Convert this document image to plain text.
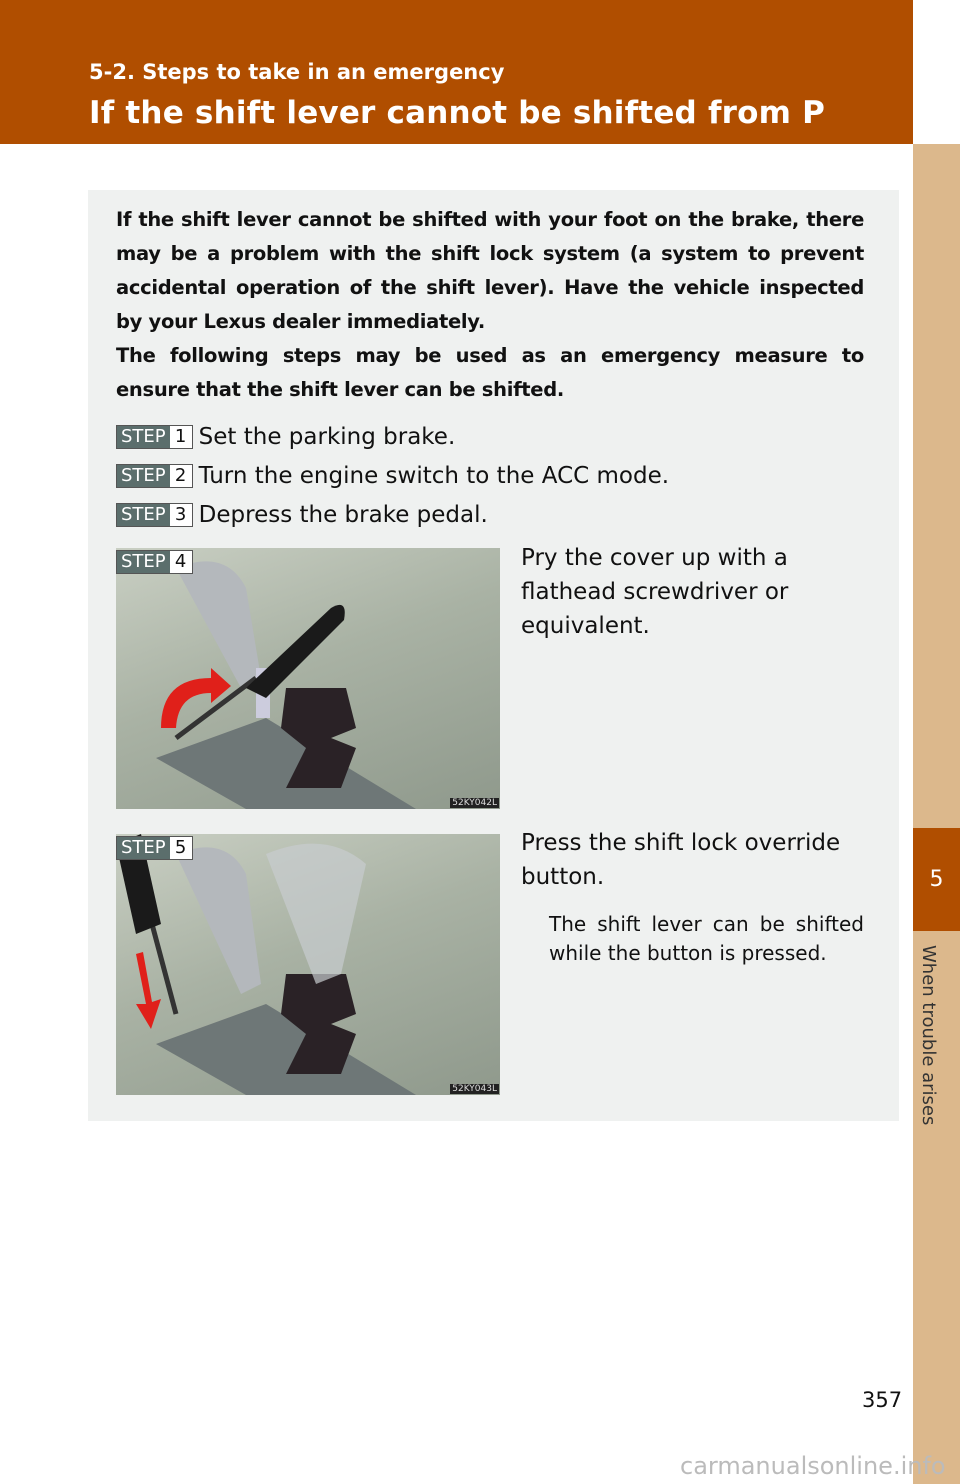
5-2. Steps to take in an emergency
If the shift lever cannot be shifted from P
5
When trouble arises

If the shift lever cannot be shifted with your foot on the brake, there may be a problem with the shift lock system (a system to prevent accidental operation of the shift lever). Have the vehicle inspected by your Lexus dealer immediately.

The following steps may be used as an emergency measure to ensure that the shift lever can be shifted.

STEP 1 Set the parking brake.
STEP 2 Turn the engine switch to the ACC mode.
STEP 3 Depress the brake pedal.
STEP 4
52KY042L
Pry the cover up with a flathead screwdriver or equivalent.
STEP 5
52KY043L
Press the shift lock override button.
The shift lever can be shifted while the button is pressed.
357
carmanualsonline.info
